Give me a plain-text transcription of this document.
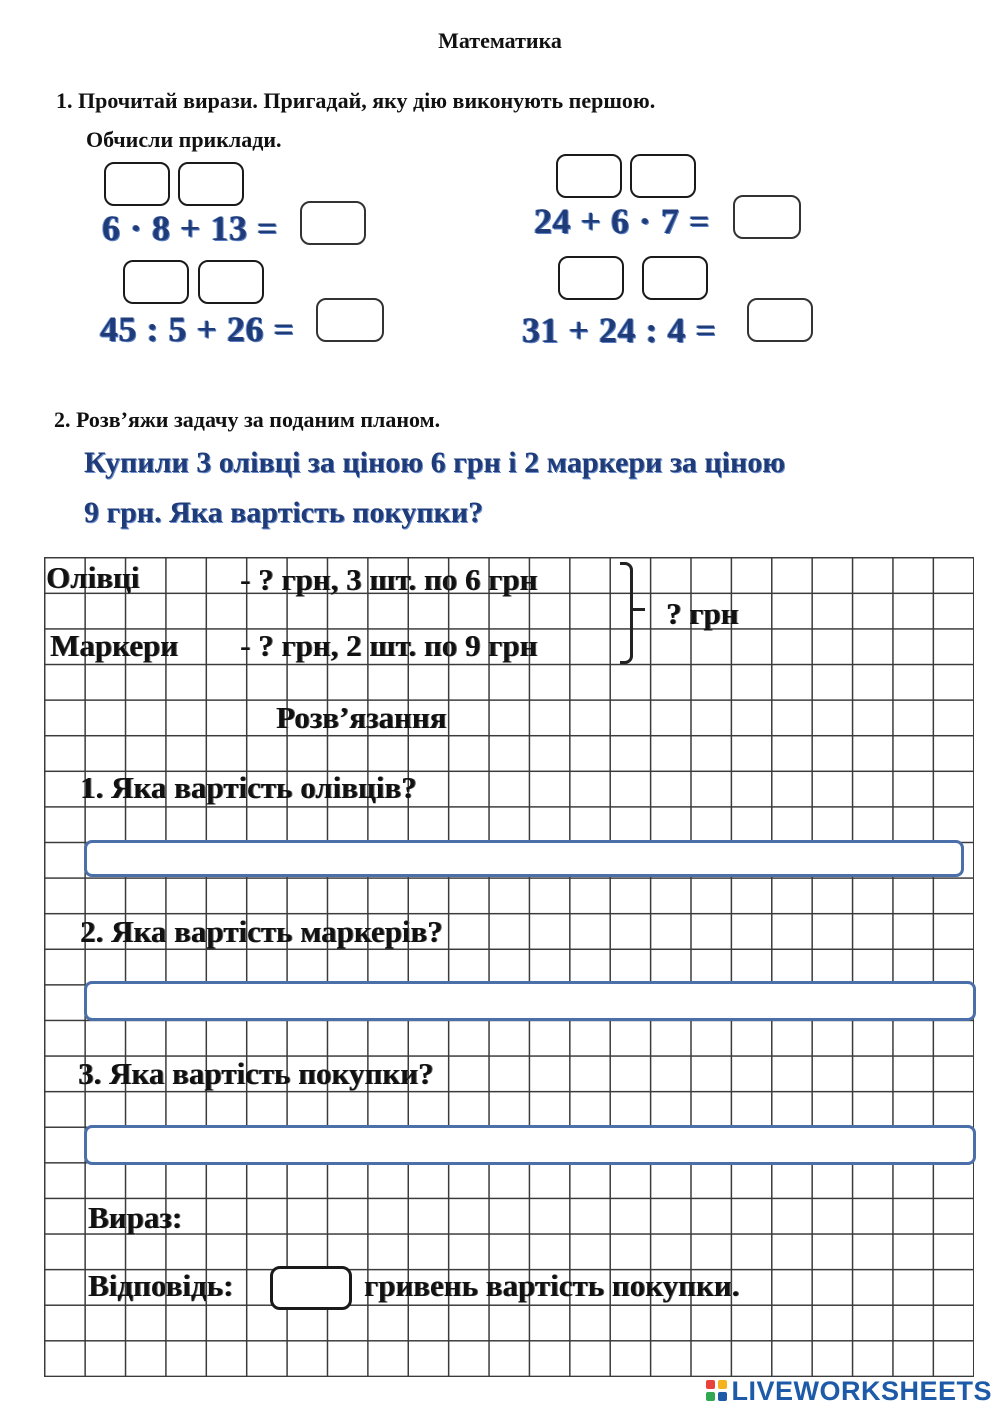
Математика
1. Прочитай вирази. Пригадай, яку дію виконують першою.
Обчисли приклади.
6 · 8 + 13 =
45 : 5 + 26 =
24 + 6 · 7 =
31 + 24 : 4 =
2. Розв’яжи задачу за поданим планом.
Купили 3 олівці за ціною 6 грн і 2 маркери за ціною
9 грн. Яка вартість покупки?
Олівці	- ? грн, 3 шт. по 6 грн
Маркери - ? грн, 2 шт. по 9 грн
? грн
Розв’язання
1. Яка вартість олівців?
2. Яка вартість маркерів?
3. Яка вартість покупки?
Вираз:
Відповідь:	гривень вартість покупки.
LIVEWORKSHEETS
